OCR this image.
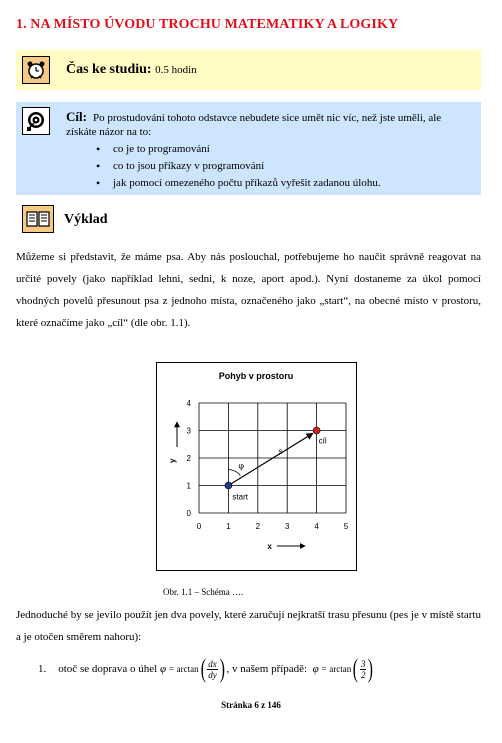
1. NA MÍSTO ÚVODU TROCHU MATEMATIKY A LOGIKY
Čas ke studiu: 0.5 hodin
Cíl: Po prostudování tohoto odstavce nebudete sice umět nic víc, než jste uměli, ale získáte názor na to:
• co je to programování
• co to jsou příkazy v programování
• jak pomocí omezeného počtu příkazů vyřešit zadanou úlohu.
Výklad

Můžeme si představit, že máme psa. Aby nás poslouchal, potřebujeme ho naučit správně reagovat na určité povely (jako například lehni, sedni, k noze, aport apod.). Nyní dostaneme za úkol pomocí vhodných povelů přesunout psa z jednoho místa, označeného jako „start“, na obecné místo v prostoru, které označíme jako „cíl“ (dle obr. 1.1).

Pohyb v prostoru
0	1	2	3	4	5
0
1
2
3
4
x
y
φ
s
start
cíl
Obr. 1.1 – Schéma ….

Jednoduché by se jevilo použít jen dva povely, které zaručují nejkratší trasu přesunu (pes je v místě startu a je otočen směrem nahoru):

1. otoč se doprava o úhel
φ
=
arctan ( $\frac{dx}{dy}$ ) , v našem případě:
φ
=
arctan ( $\frac{3}{2}$ )
Stránka 6 z 146
